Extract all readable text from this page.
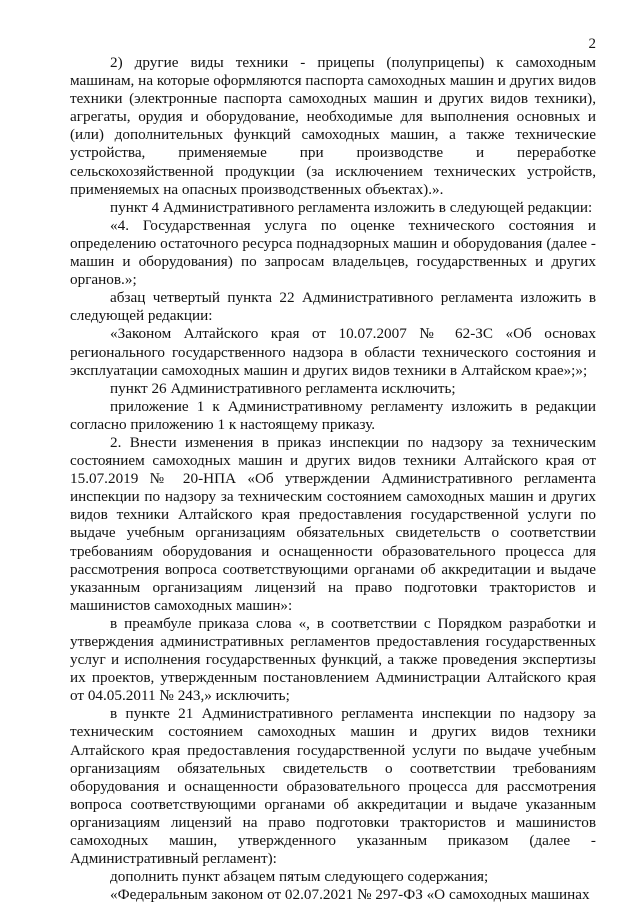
2

2) другие виды техники - прицепы (полуприцепы) к самоходным машинам, на которые оформляются паспорта самоходных машин и других видов техники (электронные паспорта самоходных машин и других видов техники), агрегаты, орудия и оборудование, необходимые для выполнения основных и (или) дополнительных функций самоходных машин, а также технические устройства, применяемые при производстве и переработке сельскохозяйственной продукции (за исключением технических устройств, применяемых на опасных производственных объектах).».

пункт 4 Административного регламента изложить в следующей редакции:

«4. Государственная услуга по оценке технического состояния и определению остаточного ресурса поднадзорных машин и оборудования (далее - машин и оборудования) по запросам владельцев, государственных и других органов.»;

абзац четвертый пункта 22 Административного регламента изложить в следующей редакции:

«Законом Алтайского края от 10.07.2007 № 62-ЗС «Об основах регионального государственного надзора в области технического состояния и эксплуатации самоходных машин и других видов техники в Алтайском крае»;»;

пункт 26 Административного регламента исключить;

приложение 1 к Административному регламенту изложить в редакции согласно приложению 1 к настоящему приказу.

2. Внести изменения в приказ инспекции по надзору за техническим состоянием самоходных машин и других видов техники Алтайского края от 15.07.2019 № 20-НПА «Об утверждении Административного регламента инспекции по надзору за техническим состоянием самоходных машин и других видов техники Алтайского края предоставления государственной услуги по выдаче учебным организациям обязательных свидетельств о соответствии требованиям оборудования и оснащенности образовательного процесса для рассмотрения вопроса соответствующими органами об аккредитации и выдаче указанным организациям лицензий на право подготовки трактористов и машинистов самоходных машин»:

в преамбуле приказа слова «, в соответствии с Порядком разработки и утверждения административных регламентов предоставления государственных услуг и исполнения государственных функций, а также проведения экспертизы их проектов, утвержденным постановлением Администрации Алтайского края от 04.05.2011 № 243,» исключить;

в пункте 21 Административного регламента инспекции по надзору за техническим состоянием самоходных машин и других видов техники Алтайского края предоставления государственной услуги по выдаче учебным организациям обязательных свидетельств о соответствии требованиям оборудования и оснащенности образовательного процесса для рассмотрения вопроса соответствующими органами об аккредитации и выдаче указанным организациям лицензий на право подготовки трактористов и машинистов самоходных машин, утвержденного указанным приказом (далее - Административный регламент):

дополнить пункт абзацем пятым следующего содержания;

«Федеральным законом от 02.07.2021 № 297-ФЗ «О самоходных машинах
